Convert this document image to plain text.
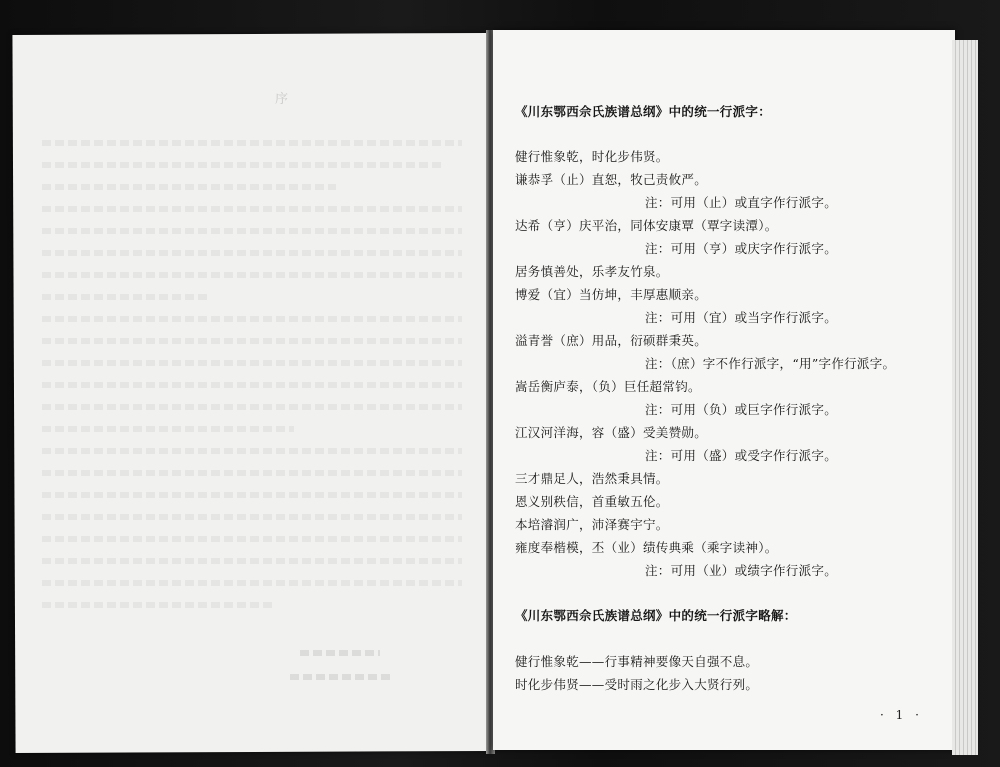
序
《川东鄂西佘氏族谱总纲》中的统一行派字：
健行惟象乾，时化步伟贤。
谦恭孚（止）直恕，牧己责攸严。
注：可用（止）或直字作行派字。
达希（亨）庆平治，同体安康覃（覃字读潭）。
注：可用（亨）或庆字作行派字。
居务慎善处，乐孝友竹泉。
博爱（宜）当仿坤，丰厚惠顺亲。
注：可用（宜）或当字作行派字。
溢青誉（庶）用品，衍硕群秉英。
注：（庶）字不作行派字，“用”字作行派字。
嵩岳衡庐泰，（负）巨任超常钧。
注：可用（负）或巨字作行派字。
江汉河洋海，容（盛）受美赞勋。
注：可用（盛）或受字作行派字。
三才鼎足人，浩然秉具情。
恩义别秩信，首重敏五伦。
本培濬润广，沛泽赛宇宁。
雍度奉楷模，丕（业）绩传典乘（乘字读神）。
注：可用（业）或绩字作行派字。
《川东鄂西佘氏族谱总纲》中的统一行派字略解：
健行惟象乾——行事精神要像天自强不息。
时化步伟贤——受时雨之化步入大贤行列。
· 1 ·
